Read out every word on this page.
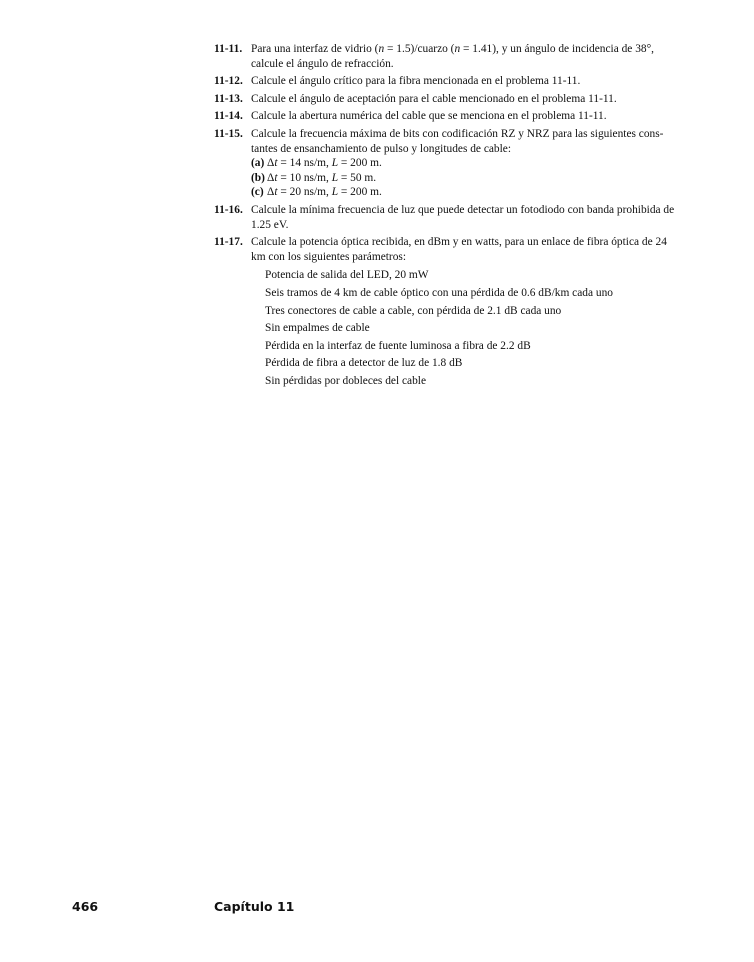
11-11. Para una interfaz de vidrio (n = 1.5)/cuarzo (n = 1.41), y un ángulo de incidencia de 38°,
calcule el ángulo de refracción.
11-12. Calcule el ángulo crítico para la fibra mencionada en el problema 11-11.
11-13. Calcule el ángulo de aceptación para el cable mencionado en el problema 11-11.
11-14. Calcule la abertura numérica del cable que se menciona en el problema 11-11.
11-15. Calcule la frecuencia máxima de bits con codificación RZ y NRZ para las siguientes cons-
tantes de ensanchamiento de pulso y longitudes de cable:
(a) Δt = 14 ns/m, L = 200 m.
(b) Δt = 10 ns/m, L = 50 m.
(c) Δt = 20 ns/m, L = 200 m.
11-16. Calcule la mínima frecuencia de luz que puede detectar un fotodiodo con banda prohibida de
1.25 eV.
11-17. Calcule la potencia óptica recibida, en dBm y en watts, para un enlace de fibra óptica de 24
km con los siguientes parámetros:
Potencia de salida del LED, 20 mW
Seis tramos de 4 km de cable óptico con una pérdida de 0.6 dB/km cada uno
Tres conectores de cable a cable, con pérdida de 2.1 dB cada uno
Sin empalmes de cable
Pérdida en la interfaz de fuente luminosa a fibra de 2.2 dB
Pérdida de fibra a detector de luz de 1.8 dB
Sin pérdidas por dobleces del cable
466	Capítulo 11
